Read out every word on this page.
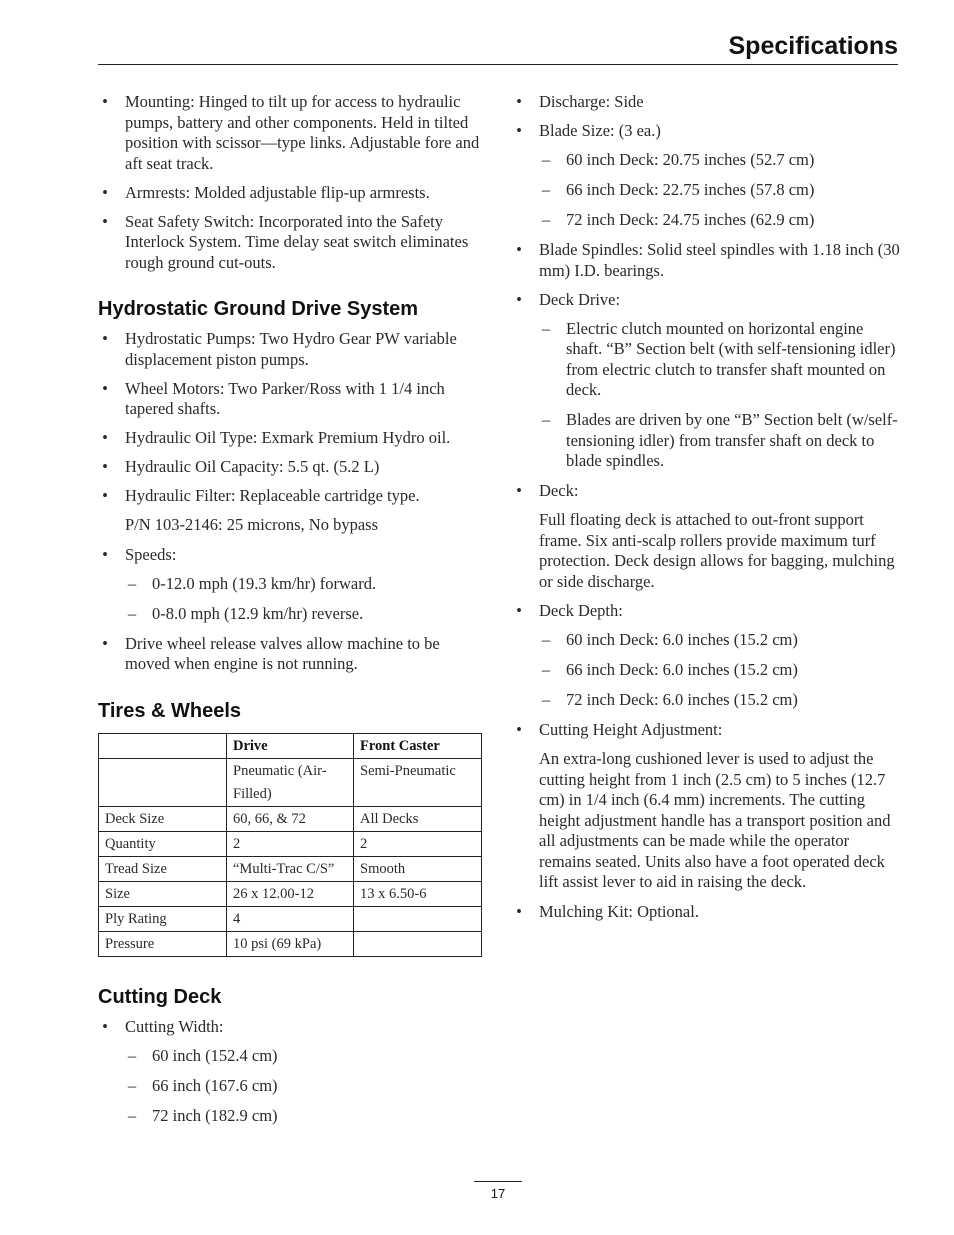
Specifications
• Mounting: Hinged to tilt up for access to hydraulic pumps, battery and other components. Held in tilted position with scissor—type links. Adjustable fore and aft seat track.
• Armrests: Molded adjustable flip-up armrests.
• Seat Safety Switch: Incorporated into the Safety Interlock System. Time delay seat switch eliminates rough ground cut-outs.
Hydrostatic Ground Drive System
• Hydrostatic Pumps: Two Hydro Gear PW variable displacement piston pumps.
• Wheel Motors: Two Parker/Ross with 1 1/4 inch tapered shafts.
• Hydraulic Oil Type: Exmark Premium Hydro oil.
• Hydraulic Oil Capacity: 5.5 qt. (5.2 L)
• Hydraulic Filter: Replaceable cartridge type.
P/N 103-2146: 25 microns, No bypass
• Speeds:
– 0-12.0 mph (19.3 km/hr) forward.
– 0-8.0 mph (12.9 km/hr) reverse.
• Drive wheel release valves allow machine to be moved when engine is not running.
Tires & Wheels
	Drive	Front Caster
	Pneumatic (Air-Filled)	Semi-Pneumatic
Deck Size	60, 66, & 72	All Decks
Quantity	2	2
Tread Size	“Multi-Trac C/S”	Smooth
Size	26 x 12.00-12	13 x 6.50-6
Ply Rating	4	
Pressure	10 psi (69 kPa)	
Cutting Deck
• Cutting Width:
– 60 inch (152.4 cm)
– 66 inch (167.6 cm)
– 72 inch (182.9 cm)
• Discharge: Side
• Blade Size: (3 ea.)
– 60 inch Deck: 20.75 inches (52.7 cm)
– 66 inch Deck: 22.75 inches (57.8 cm)
– 72 inch Deck: 24.75 inches (62.9 cm)
• Blade Spindles: Solid steel spindles with 1.18 inch (30 mm) I.D. bearings.
• Deck Drive:
– Electric clutch mounted on horizontal engine shaft. “B” Section belt (with self-tensioning idler) from electric clutch to transfer shaft mounted on deck.
– Blades are driven by one “B” Section belt (w/self-tensioning idler) from transfer shaft on deck to blade spindles.
• Deck:
Full floating deck is attached to out-front support frame. Six anti-scalp rollers provide maximum turf protection. Deck design allows for bagging, mulching or side discharge.
• Deck Depth:
– 60 inch Deck: 6.0 inches (15.2 cm)
– 66 inch Deck: 6.0 inches (15.2 cm)
– 72 inch Deck: 6.0 inches (15.2 cm)
• Cutting Height Adjustment:
An extra-long cushioned lever is used to adjust the cutting height from 1 inch (2.5 cm) to 5 inches (12.7 cm) in 1/4 inch (6.4 mm) increments. The cutting height adjustment handle has a transport position and all adjustments can be made while the operator remains seated. Units also have a foot operated deck lift assist lever to aid in raising the deck.
• Mulching Kit: Optional.
17
